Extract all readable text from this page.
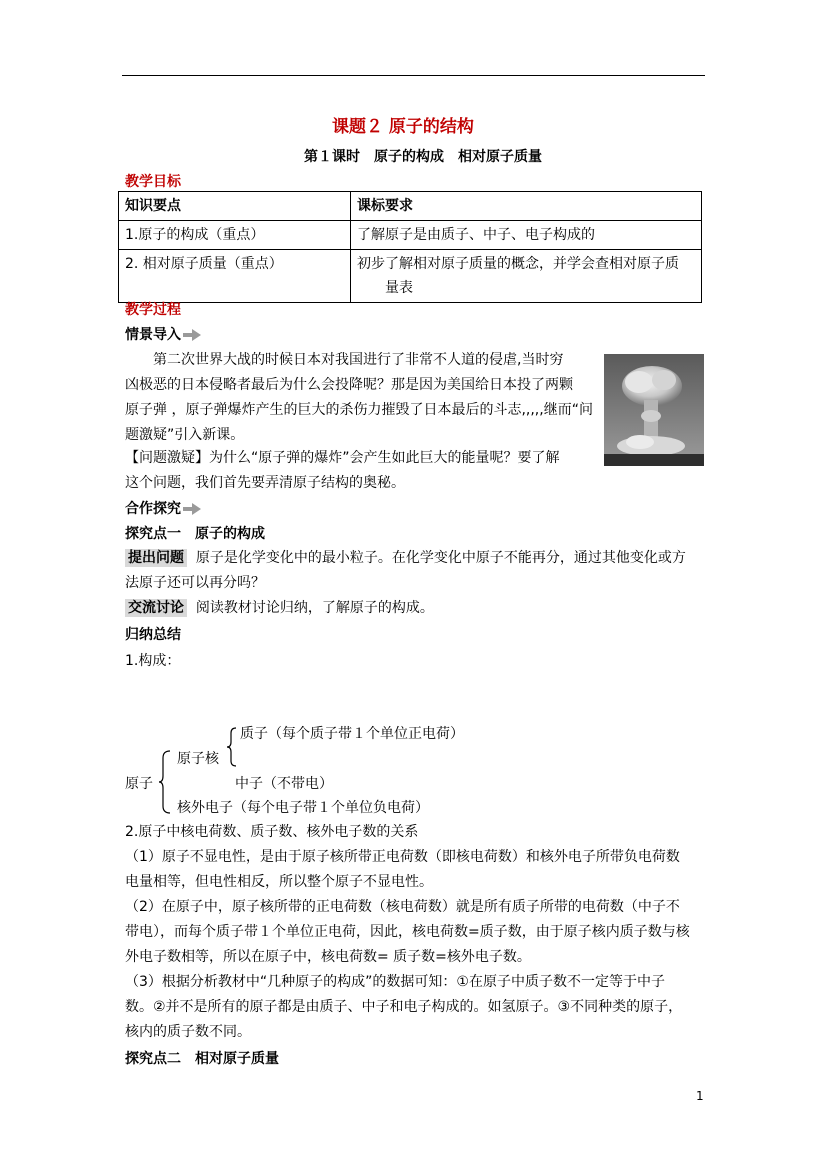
课题２ 原子的结构
第１课时　原子的构成　相对原子质量
教学目标
知识要点	课标要求
1.原子的构成（重点）	了解原子是由质子、中子、电子构成的
2. 相对原子质量（重点）	初步了解相对原子质量的概念，并学会查相对原子质
量表
教学过程
情景导入
第二次世界大战的时候日本对我国进行了非常不人道的侵虐,当时穷
凶极恶的日本侵略者最后为什么会投降呢？那是因为美国给日本投了两颗
原子弹 ，原子弹爆炸产生的巨大的杀伤力摧毁了日本最后的斗志,,,,,继而“问
题激疑”引入新课。
【问题激疑】为什么“原子弹的爆炸”会产生如此巨大的能量呢？要了解
这个问题，我们首先要弄清原子结构的奥秘。
合作探究
探究点一　原子的构成
提出问题 原子是化学变化中的最小粒子。在化学变化中原子不能再分，通过其他变化或方
法原子还可以再分吗？
交流讨论 阅读教材讨论归纳，了解原子的构成。
归纳总结
1.构成：
质子（每个质子带１个单位正电荷）
原子核
原子	中子（不带电）
核外电子（每个电子带１个单位负电荷）
2.原子中核电荷数、质子数、核外电子数的关系
（1）原子不显电性，是由于原子核所带正电荷数（即核电荷数）和核外电子所带负电荷数
电量相等，但电性相反，所以整个原子不显电性。
（2）在原子中，原子核所带的正电荷数（核电荷数）就是所有质子所带的电荷数（中子不
带电），而每个质子带１个单位正电荷，因此，核电荷数=质子数，由于原子核内质子数与核
外电子数相等，所以在原子中，核电荷数= 质子数=核外电子数。
（3）根据分析教材中“几种原子的构成”的数据可知：①在原子中质子数不一定等于中子
数。②并不是所有的原子都是由质子、中子和电子构成的。如氢原子。③不同种类的原子，
核内的质子数不同。
探究点二　相对原子质量
1
